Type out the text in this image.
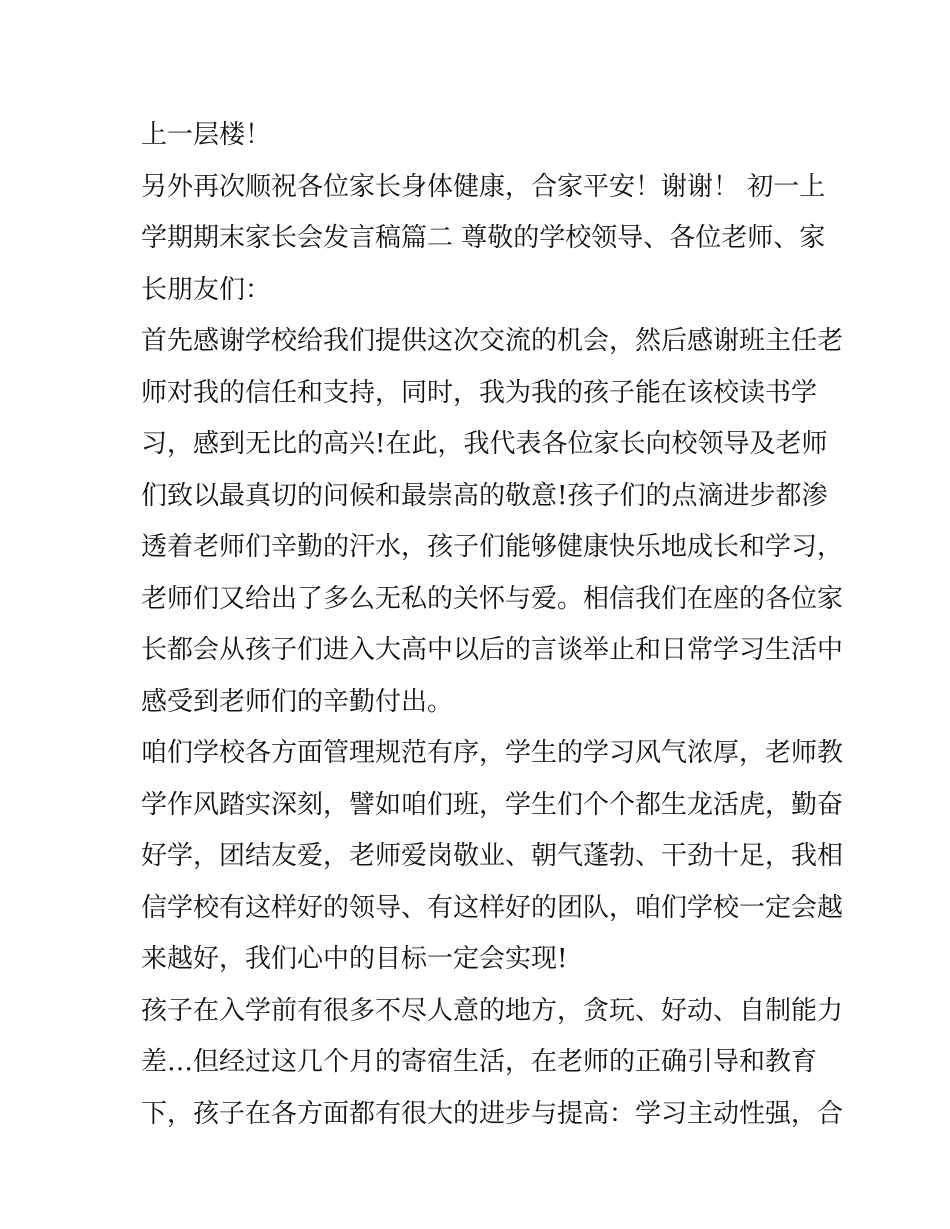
上一层楼！
另外再次顺祝各位家长身体健康，合家平安！谢谢！ 初一上
学期期末家长会发言稿篇二 尊敬的学校领导、各位老师、家
长朋友们：
首先感谢学校给我们提供这次交流的机会，然后感谢班主任老
师对我的信任和支持，同时，我为我的孩子能在该校读书学
习，感到无比的高兴!在此，我代表各位家长向校领导及老师
们致以最真切的问候和最崇高的敬意!孩子们的点滴进步都渗
透着老师们辛勤的汗水，孩子们能够健康快乐地成长和学习，
老师们又给出了多么无私的关怀与爱。相信我们在座的各位家
长都会从孩子们进入大高中以后的言谈举止和日常学习生活中
感受到老师们的辛勤付出。
咱们学校各方面管理规范有序，学生的学习风气浓厚，老师教
学作风踏实深刻，譬如咱们班，学生们个个都生龙活虎，勤奋
好学，团结友爱，老师爱岗敬业、朝气蓬勃、干劲十足，我相
信学校有这样好的领导、有这样好的团队，咱们学校一定会越
来越好，我们心中的目标一定会实现!
孩子在入学前有很多不尽人意的地方，贪玩、好动、自制能力
差…但经过这几个月的寄宿生活，在老师的正确引导和教育
下，孩子在各方面都有很大的进步与提高：学习主动性强，合
